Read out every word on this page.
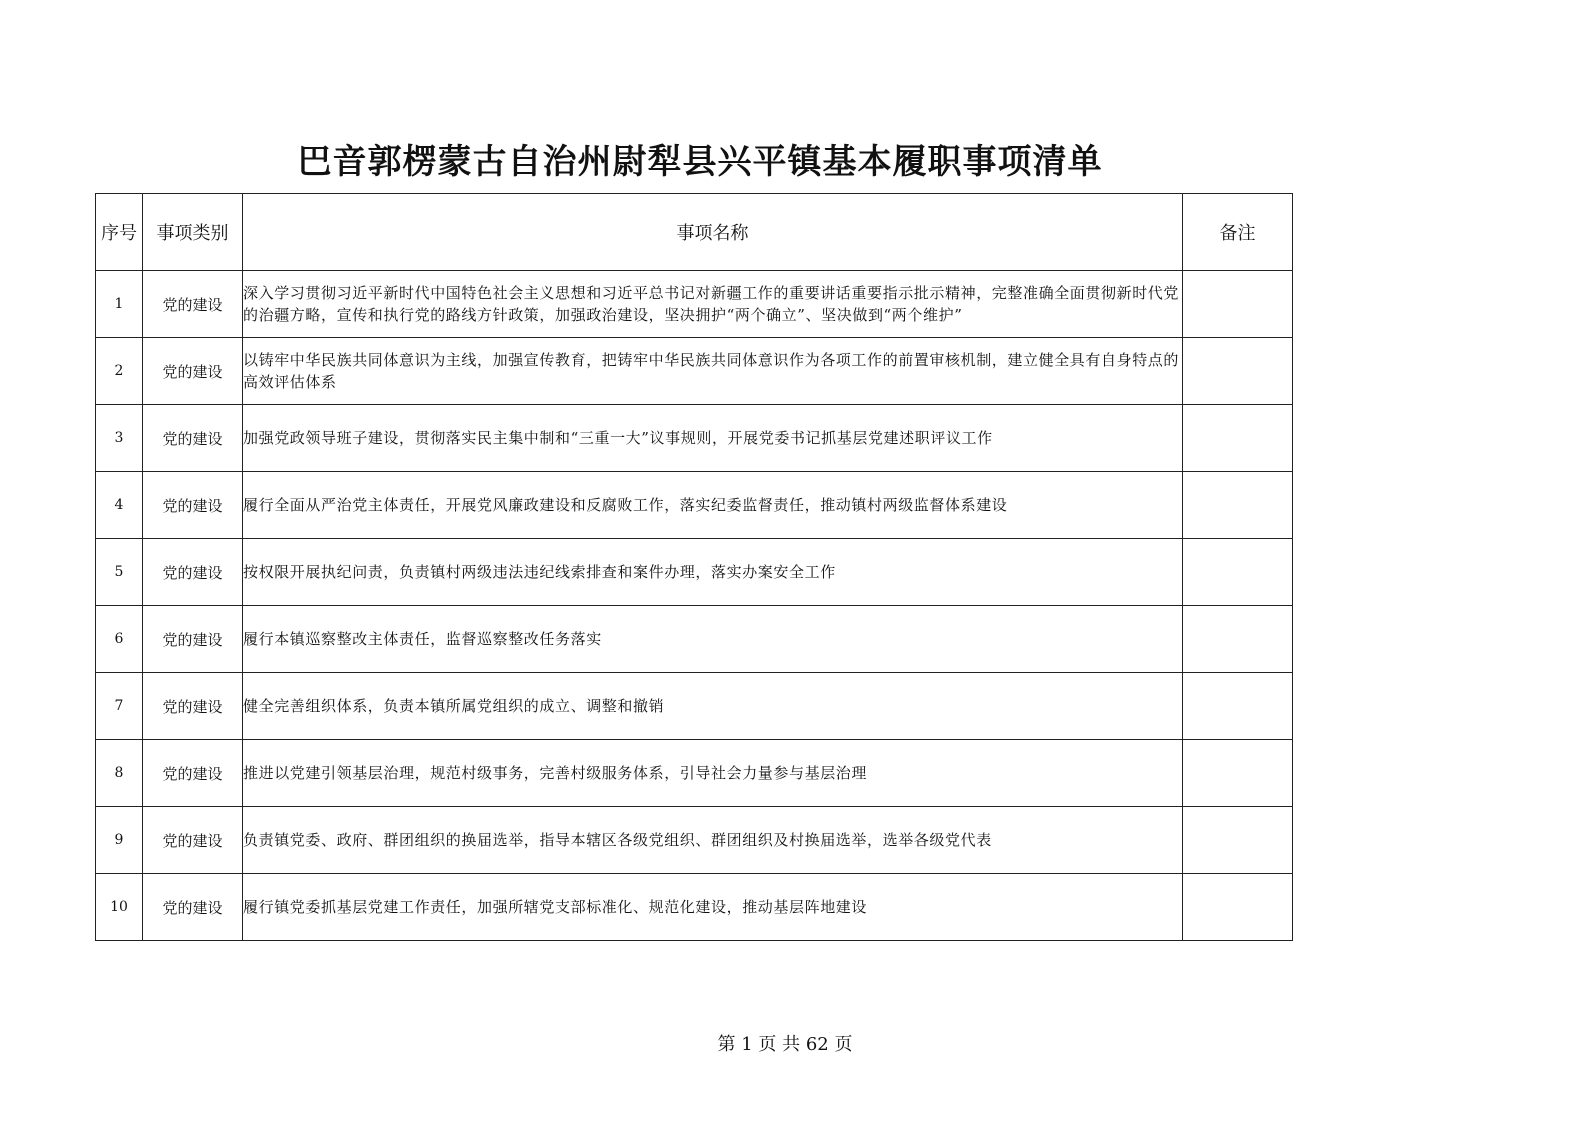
巴音郭楞蒙古自治州尉犁县兴平镇基本履职事项清单
序号	事项类别	事项名称	备注
1	党的建设	深入学习贯彻习近平新时代中国特色社会主义思想和习近平总书记对新疆工作的重要讲话重要指示批示精神，完整准确全面贯彻新时代党的治疆方略，宣传和执行党的路线方针政策，加强政治建设，坚决拥护“两个确立”、坚决做到“两个维护”	
2	党的建设	以铸牢中华民族共同体意识为主线，加强宣传教育，把铸牢中华民族共同体意识作为各项工作的前置审核机制，建立健全具有自身特点的高效评估体系	
3	党的建设	加强党政领导班子建设，贯彻落实民主集中制和“三重一大”议事规则，开展党委书记抓基层党建述职评议工作	
4	党的建设	履行全面从严治党主体责任，开展党风廉政建设和反腐败工作，落实纪委监督责任，推动镇村两级监督体系建设	
5	党的建设	按权限开展执纪问责，负责镇村两级违法违纪线索排查和案件办理，落实办案安全工作	
6	党的建设	履行本镇巡察整改主体责任，监督巡察整改任务落实	
7	党的建设	健全完善组织体系，负责本镇所属党组织的成立、调整和撤销	
8	党的建设	推进以党建引领基层治理，规范村级事务，完善村级服务体系，引导社会力量参与基层治理	
9	党的建设	负责镇党委、政府、群团组织的换届选举，指导本辖区各级党组织、群团组织及村换届选举，选举各级党代表	
10	党的建设	履行镇党委抓基层党建工作责任，加强所辖党支部标准化、规范化建设，推动基层阵地建设	
第 1 页 共 62 页
